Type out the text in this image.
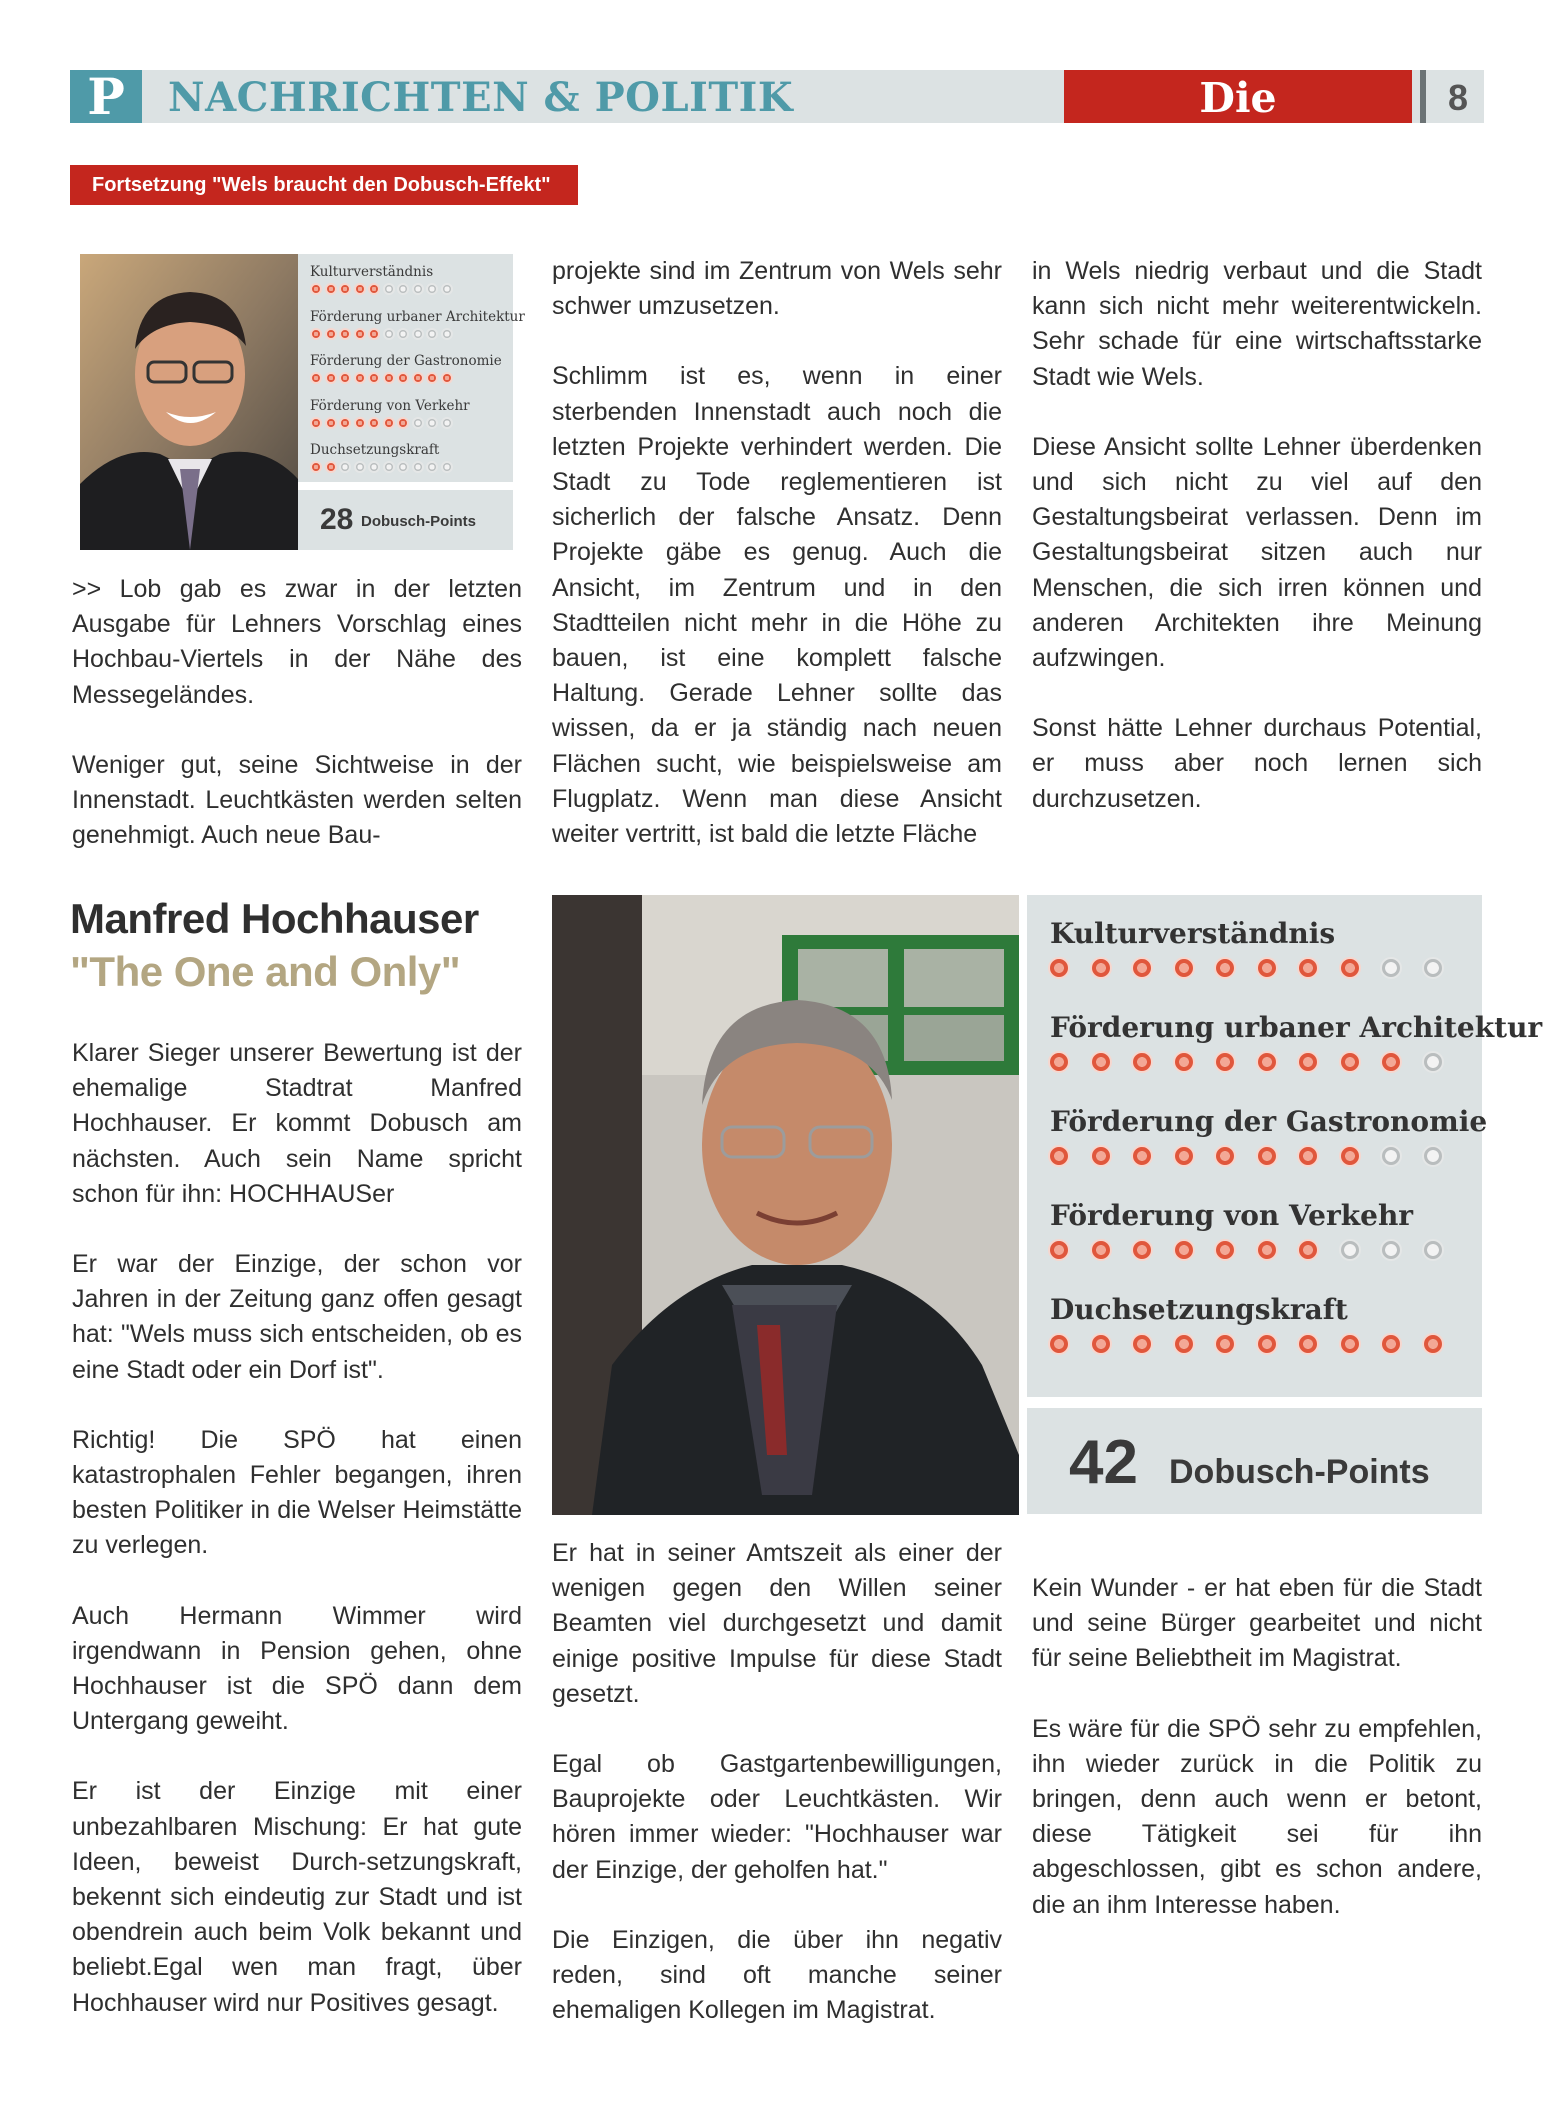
P	NACHRICHTEN & POLITIK	Die Monatliche
8
Fortsetzung "Wels braucht den Dobusch-Effekt"
Kulturverständnis
Förderung urbaner Architektur
Förderung der Gastronomie
Förderung von Verkehr
Duchsetzungskraft
28 Dobusch-Points

>> Lob gab es zwar in der letzten Ausgabe für Lehners Vorschlag eines Hochbau-Viertels in der Nähe des Messegeländes.

Weniger gut, seine Sichtweise in der Innenstadt. Leuchtkästen werden selten genehmigt. Auch neue Bau-

projekte sind im Zentrum von Wels sehr schwer umzusetzen.

Schlimm ist es, wenn in einer sterbenden Innenstadt auch noch die letzten Projekte verhindert werden. Die Stadt zu Tode reglementieren ist sicherlich der falsche Ansatz. Denn Projekte gäbe es genug. Auch die Ansicht, im Zentrum und in den Stadtteilen nicht mehr in die Höhe zu bauen, ist eine komplett falsche Haltung. Gerade Lehner sollte das wissen, da er ja ständig nach neuen Flächen sucht, wie beispielsweise am Flugplatz. Wenn man diese Ansicht weiter vertritt, ist bald die letzte Fläche

in Wels niedrig verbaut und die Stadt kann sich nicht mehr weiterentwickeln. Sehr schade für eine wirtschaftsstarke Stadt wie Wels.

Diese Ansicht sollte Lehner überdenken und sich nicht zu viel auf den Gestaltungsbeirat verlassen. Denn im Gestaltungsbeirat sitzen auch nur Menschen, die sich irren können und anderen Architekten ihre Meinung aufzwingen.

Sonst hätte Lehner durchaus Potential, er muss aber noch lernen sich durchzusetzen.

Manfred Hochhauser
"The One and Only"
Kulturverständnis
Förderung urbaner Architektur
Förderung der Gastronomie
Förderung von Verkehr
Duchsetzungskraft
42 Dobusch-Points

Klarer Sieger unserer Bewertung ist der ehemalige Stadtrat Manfred Hochhauser. Er kommt Dobusch am nächsten. Auch sein Name spricht schon für ihn: HOCHHAUSer

Er war der Einzige, der schon vor Jahren in der Zeitung ganz offen gesagt hat: "Wels muss sich entscheiden, ob es eine Stadt oder ein Dorf ist".

Richtig! Die SPÖ hat einen katastrophalen Fehler begangen, ihren besten Politiker in die Welser Heimstätte zu verlegen.

Auch Hermann Wimmer wird irgendwann in Pension gehen, ohne Hochhauser ist die SPÖ dann dem Untergang geweiht.

Er ist der Einzige mit einer unbezahlbaren Mischung: Er hat gute Ideen, beweist Durch-setzungskraft, bekennt sich eindeutig zur Stadt und ist obendrein auch beim Volk bekannt und beliebt.Egal wen man fragt, über Hochhauser wird nur Positives gesagt.

Er hat in seiner Amtszeit als einer der wenigen gegen den Willen seiner Beamten viel durchgesetzt und damit einige positive Impulse für diese Stadt gesetzt.

Egal ob Gastgartenbewilligungen, Bauprojekte oder Leuchtkästen. Wir hören immer wieder: "Hochhauser war der Einzige, der geholfen hat."

Die Einzigen, die über ihn negativ reden, sind oft manche seiner ehemaligen Kollegen im Magistrat.

Kein Wunder - er hat eben für die Stadt und seine Bürger gearbeitet und nicht für seine Beliebtheit im Magistrat.

Es wäre für die SPÖ sehr zu empfehlen, ihn wieder zurück in die Politik zu bringen, denn auch wenn er betont, diese Tätigkeit sei für ihn abgeschlossen, gibt es schon andere, die an ihm Interesse haben.
